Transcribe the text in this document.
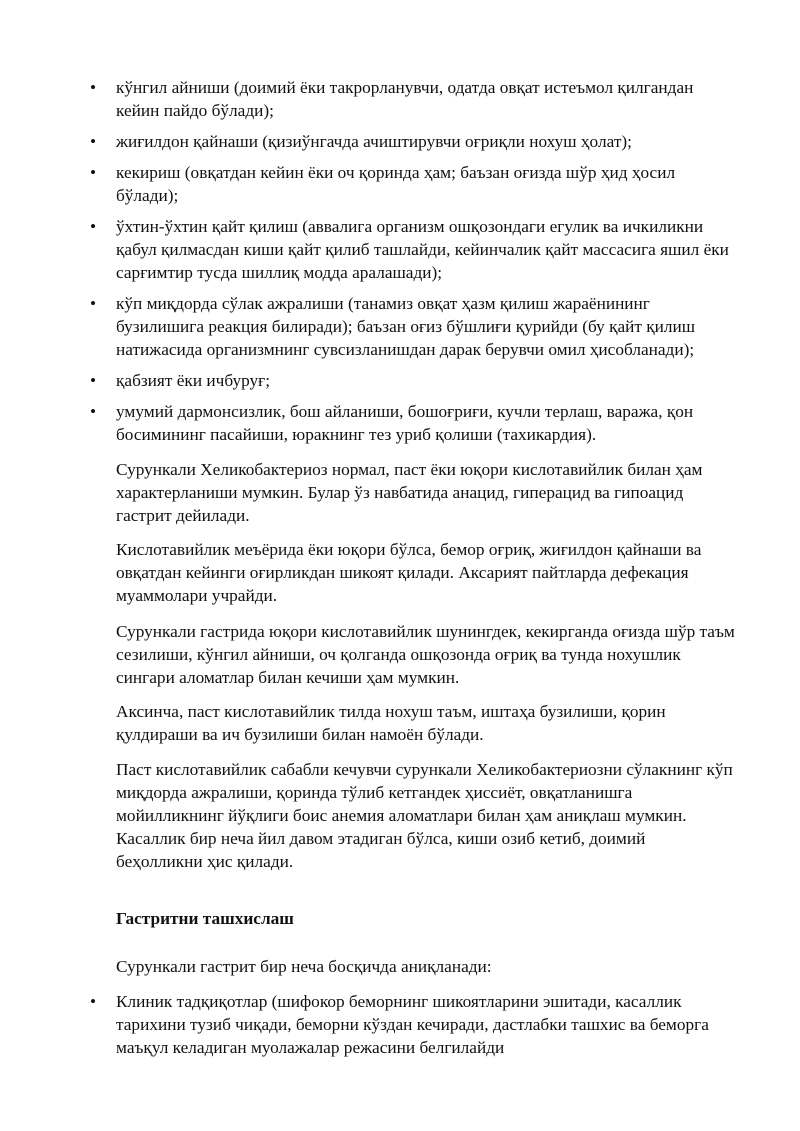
• кўнгил айниши (доимий ёки такрорланувчи, одатда овқат истеъмол қилгандан кейин пайдо бўлади);
• жиғилдон қайнаши (қизиўнгачда ачиштирувчи оғриқли нохуш ҳолат);
• кекириш (овқатдан кейин ёки оч қоринда ҳам; баъзан оғизда шўр ҳид ҳосил бўлади);
• ўхтин-ўхтин қайт қилиш (аввалига организм ошқозондаги егулик ва ичкиликни қабул қилмасдан киши қайт қилиб ташлайди, кейинчалик қайт массасига яшил ёки сарғимтир тусда шиллиқ модда аралашади);
• кўп миқдорда сўлак ажралиши (танамиз овқат ҳазм қилиш жараёнининг бузилишига реакция билиради); баъзан оғиз бўшлиғи қурийди (бу қайт қилиш натижасида организмнинг сувсизланишдан дарак берувчи омил ҳисобланади);
• қабзият ёки ичбуруғ;
• умумий дармонсизлик, бош айланиши, бошоғриғи, кучли терлаш, ваража, қон босимининг пасайиши, юракнинг тез уриб қолиши (тахикардия).

Сурункали Хеликобактериоз нормал, паст ёки юқори кислотавийлик билан ҳам характерланиши мумкин. Булар ўз навбатида анацид, гиперацид ва гипоацид гастрит дейилади.

Кислотавийлик меъёрида ёки юқори бўлса, бемор оғриқ, жиғилдон қайнаши ва овқатдан кейинги оғирликдан шикоят қилади. Аксарият пайтларда дефекация муаммолари учрайди.

Сурункали гастрида юқори кислотавийлик шунингдек, кекирганда оғизда шўр таъм сезилиши, кўнгил айниши, оч қолганда ошқозонда оғриқ ва тунда нохушлик сингари аломатлар билан кечиши ҳам мумкин.

Аксинча, паст кислотавийлик тилда нохуш таъм, иштаҳа бузилиши, қорин қулдираши ва ич бузилиши билан намоён бўлади.

Паст кислотавийлик сабабли кечувчи сурункали Хеликобактериозни сўлакнинг кўп миқдорда ажралиши, қоринда тўлиб кетгандек ҳиссиёт, овқатланишга мойилликнинг йўқлиги боис анемия аломатлари билан ҳам аниқлаш мумкин. Касаллик бир неча йил давом этадиган бўлса, киши озиб кетиб, доимий беҳолликни ҳис қилади.

Гастритни ташхислаш

Сурункали гастрит бир неча босқичда аниқланади:

• Клиник тадқиқотлар (шифокор беморнинг шикоятларини эшитади, касаллик тарихини тузиб чиқади, беморни кўздан кечиради, дастлабки ташхис ва беморга маъқул келадиган муолажалар режасини белгилайди
